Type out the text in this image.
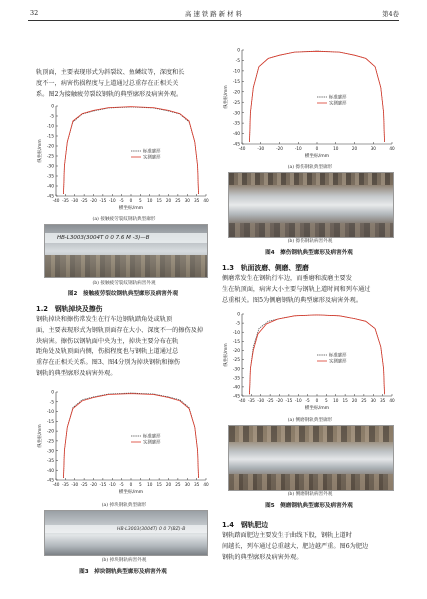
32	高 速 铁 路 新 材 料	第4卷
轨顶面，主要表现形式为斜裂纹、鱼鳞纹等，深度和长
度不一，病害伤损程度与上道通过总重存在正相关关
系。图2为接触疲劳裂纹钢轨的典型廓形及病害外观。
0
-5
-10
-15
-20
-25
-30
-35
-40
-45
-40 -35 -30 -25 -20 -15 -10 -5 0 5 10 15 20 25 30 35 40
纵坐标/mm
横坐标/mm
标准廓形
实测廓形
(a) 接触疲劳裂纹钢轨典型廓形
HB-L3003(3004T 0 0 7.6 M -3)—B
(b) 接触疲劳裂纹钢轨病害外观
图2　接触疲劳裂纹钢轨典型廓形及病害外观
1.2　钢轨掉块及擦伤
钢轨掉块和擦伤常发生在行车边钢轨踏角处或轨顶
面，主要表现形式为钢轨顶面存在大小、深度不一的擦伤及掉
块病害。擦伤以钢轨面中央为主，掉块主要分布在轨
距角处及轨顶面内侧，伤损程度也与钢轨上道通过总
重存在正相关关系。图3、图4分别为掉块钢轨和擦伤
钢轨的典型廓形及病害外观。
0
-5
-10
-15
-20
-25
-30
-35
-40
-45
-40 -35 -30 -25 -20 -15 -10 -5 0 5 10 15 20 25 30 35 40
纵坐标/mm
横坐标/mm
标准廓形
实测廓形
(a) 掉块钢轨典型廓形
HB-L3003(3004T) 0 0 7(BZ)-B
(b) 掉块钢轨病害外观
图3　掉块钢轨典型廓形及病害外观
0
-5
-10
-15
-20
-25
-30
-35
-40
-45
-40	-30	-20	-10	0	10	20	30	40
纵坐标/mm
横坐标/mm
标准廓形
实测廓形
(a) 擦伤钢轨典型廓形
(b) 擦伤钢轨病害外观
图4　擦伤钢轨典型廓形及病害外观
1.3　轨面波磨、侧磨、塑磨
侧磨常发生在钢轨行车边，而垂磨和波磨主要发
生在轨顶面，病害大小主要与钢轨上道时间和列车通过
总重相关。图5为侧磨钢轨的典型廓形及病害外观。
0
-5
-10
-15
-20
-25
-30
-35
-40
-45
-40 -35 -30 -25 -20 -15 -10 -5 0 5 10 15 20 25 30 35 40
纵坐标/mm
横坐标/mm
标准廓形
实测廓形
(a) 侧磨钢轨典型廓形
(b) 侧磨钢轨病害外观
图5　侧磨钢轨典型廓形及病害外观
1.4　钢轨肥边
钢轨踏面肥边主要发生于曲线下股，钢轨上道时
间越长，列车通过总重越大，肥边越严重。图6为肥边
钢轨的典型廓形及病害外观。
